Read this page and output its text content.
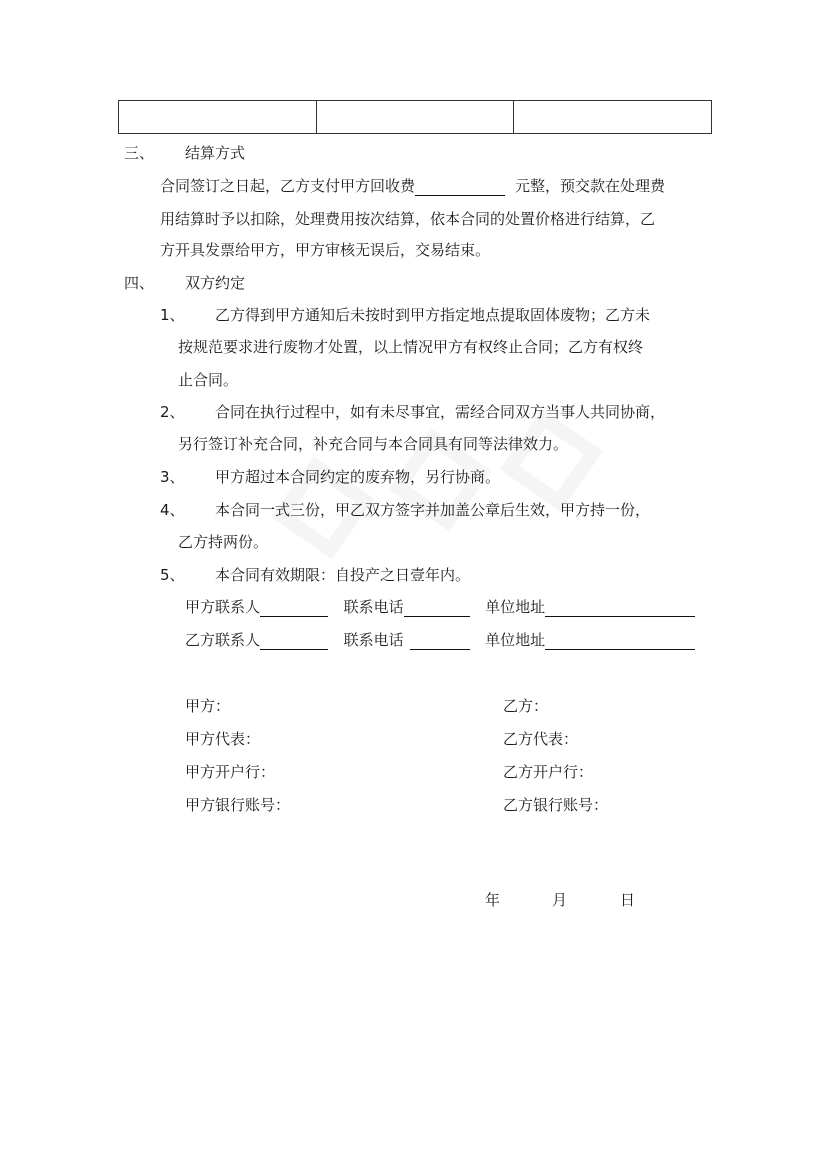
三、 结算方式
合同签订之日起，乙方支付甲方回收费	元整，预交款在处理费
用结算时予以扣除，处理费用按次结算，依本合同的处置价格进行结算，乙
方开具发票给甲方，甲方审核无误后，交易结束。
四、 双方约定
1、 乙方得到甲方通知后未按时到甲方指定地点提取固体废物；乙方未
按规范要求进行废物才处置，以上情况甲方有权终止合同；乙方有权终
止合同。
2、 合同在执行过程中，如有未尽事宜，需经合同双方当事人共同协商，
另行签订补充合同，补充合同与本合同具有同等法律效力。
3、 甲方超过本合同约定的废弃物，另行协商。
4、 本合同一式三份，甲乙双方签字并加盖公章后生效，甲方持一份，
乙方持两份。
5、 本合同有效期限：自投产之日壹年内。
甲方联系人	联系电话	单位地址
乙方联系人	联系电话	单位地址
甲方：	乙方：
甲方代表：	乙方代表：
甲方开户行：	乙方开户行：
甲方银行账号：	乙方银行账号：
年	月	日
